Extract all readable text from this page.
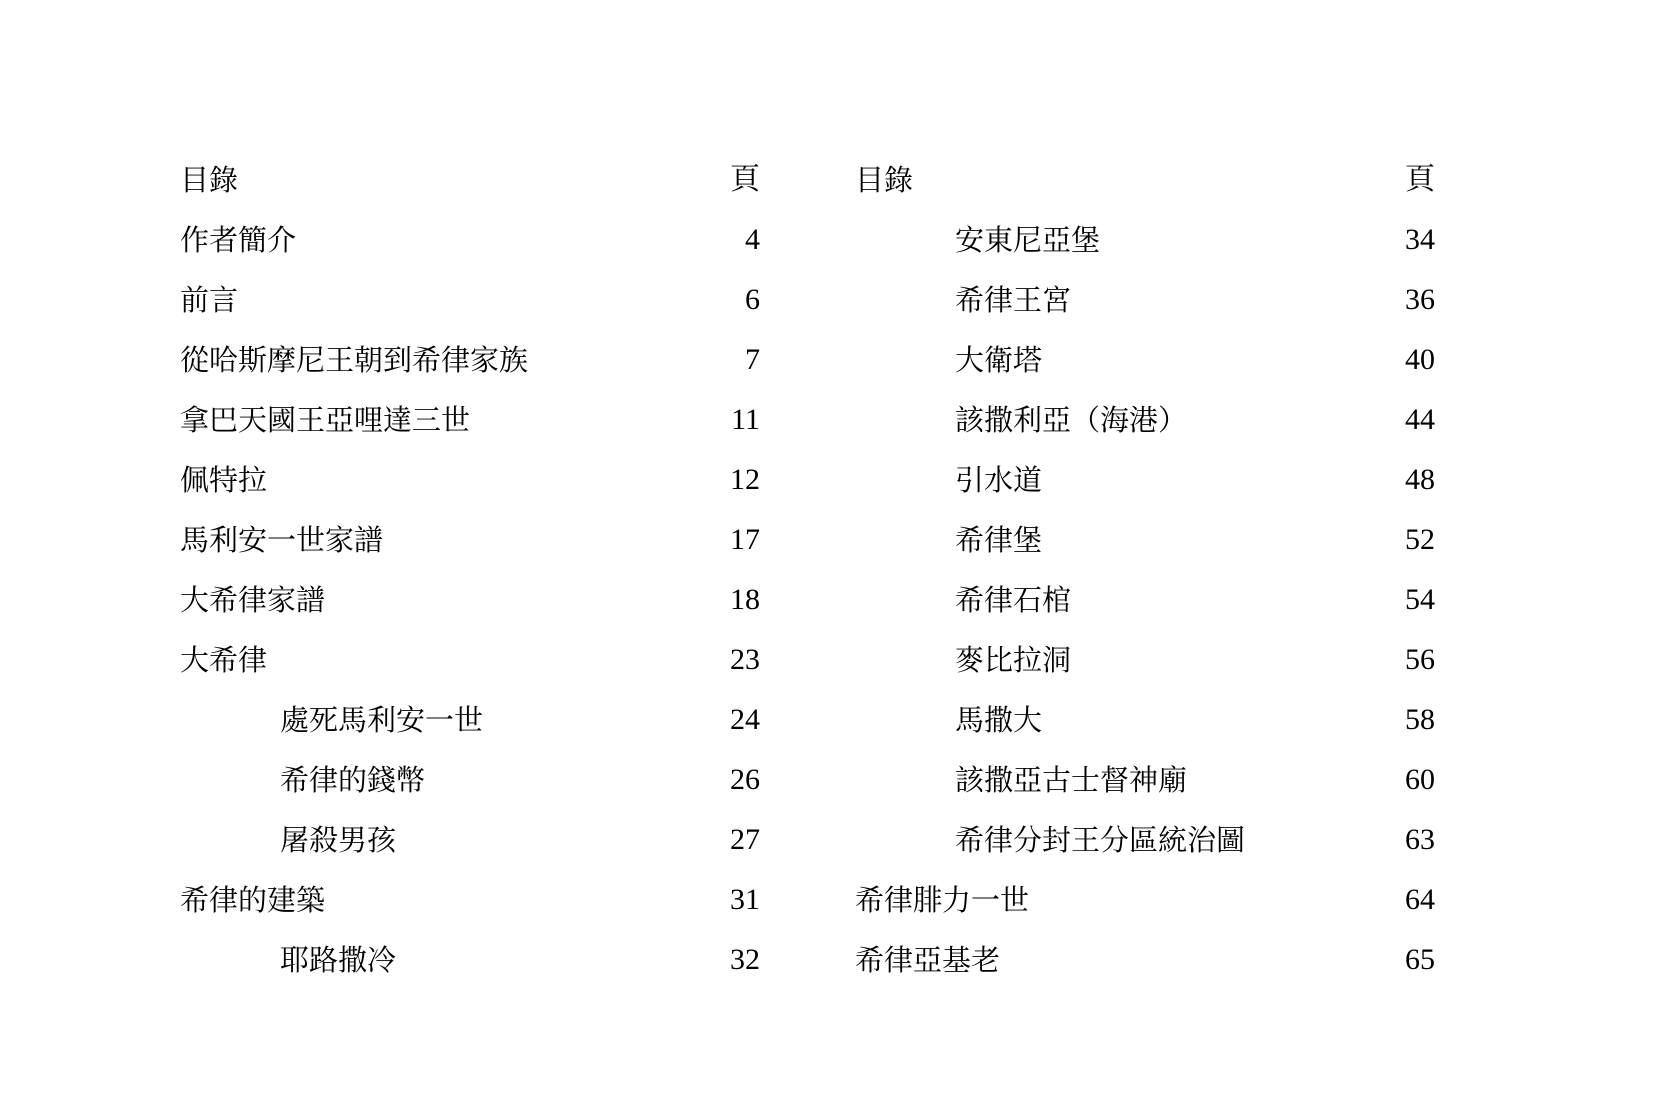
目錄	頁
作者簡介	4
前言	6
從哈斯摩尼王朝到希律家族	7
拿巴天國王亞哩達三世	11
佩特拉	12
馬利安一世家譜	17
大希律家譜	18
大希律	23
處死馬利安一世	24
希律的錢幣	26
屠殺男孩	27
希律的建築	31
耶路撒冷	32
目錄	頁
安東尼亞堡	34
希律王宮	36
大衛塔	40
該撒利亞（海港）	44
引水道	48
希律堡	52
希律石棺	54
麥比拉洞	56
馬撒大	58
該撒亞古士督神廟	60
希律分封王分區統治圖	63
希律腓力一世	64
希律亞基老	65
